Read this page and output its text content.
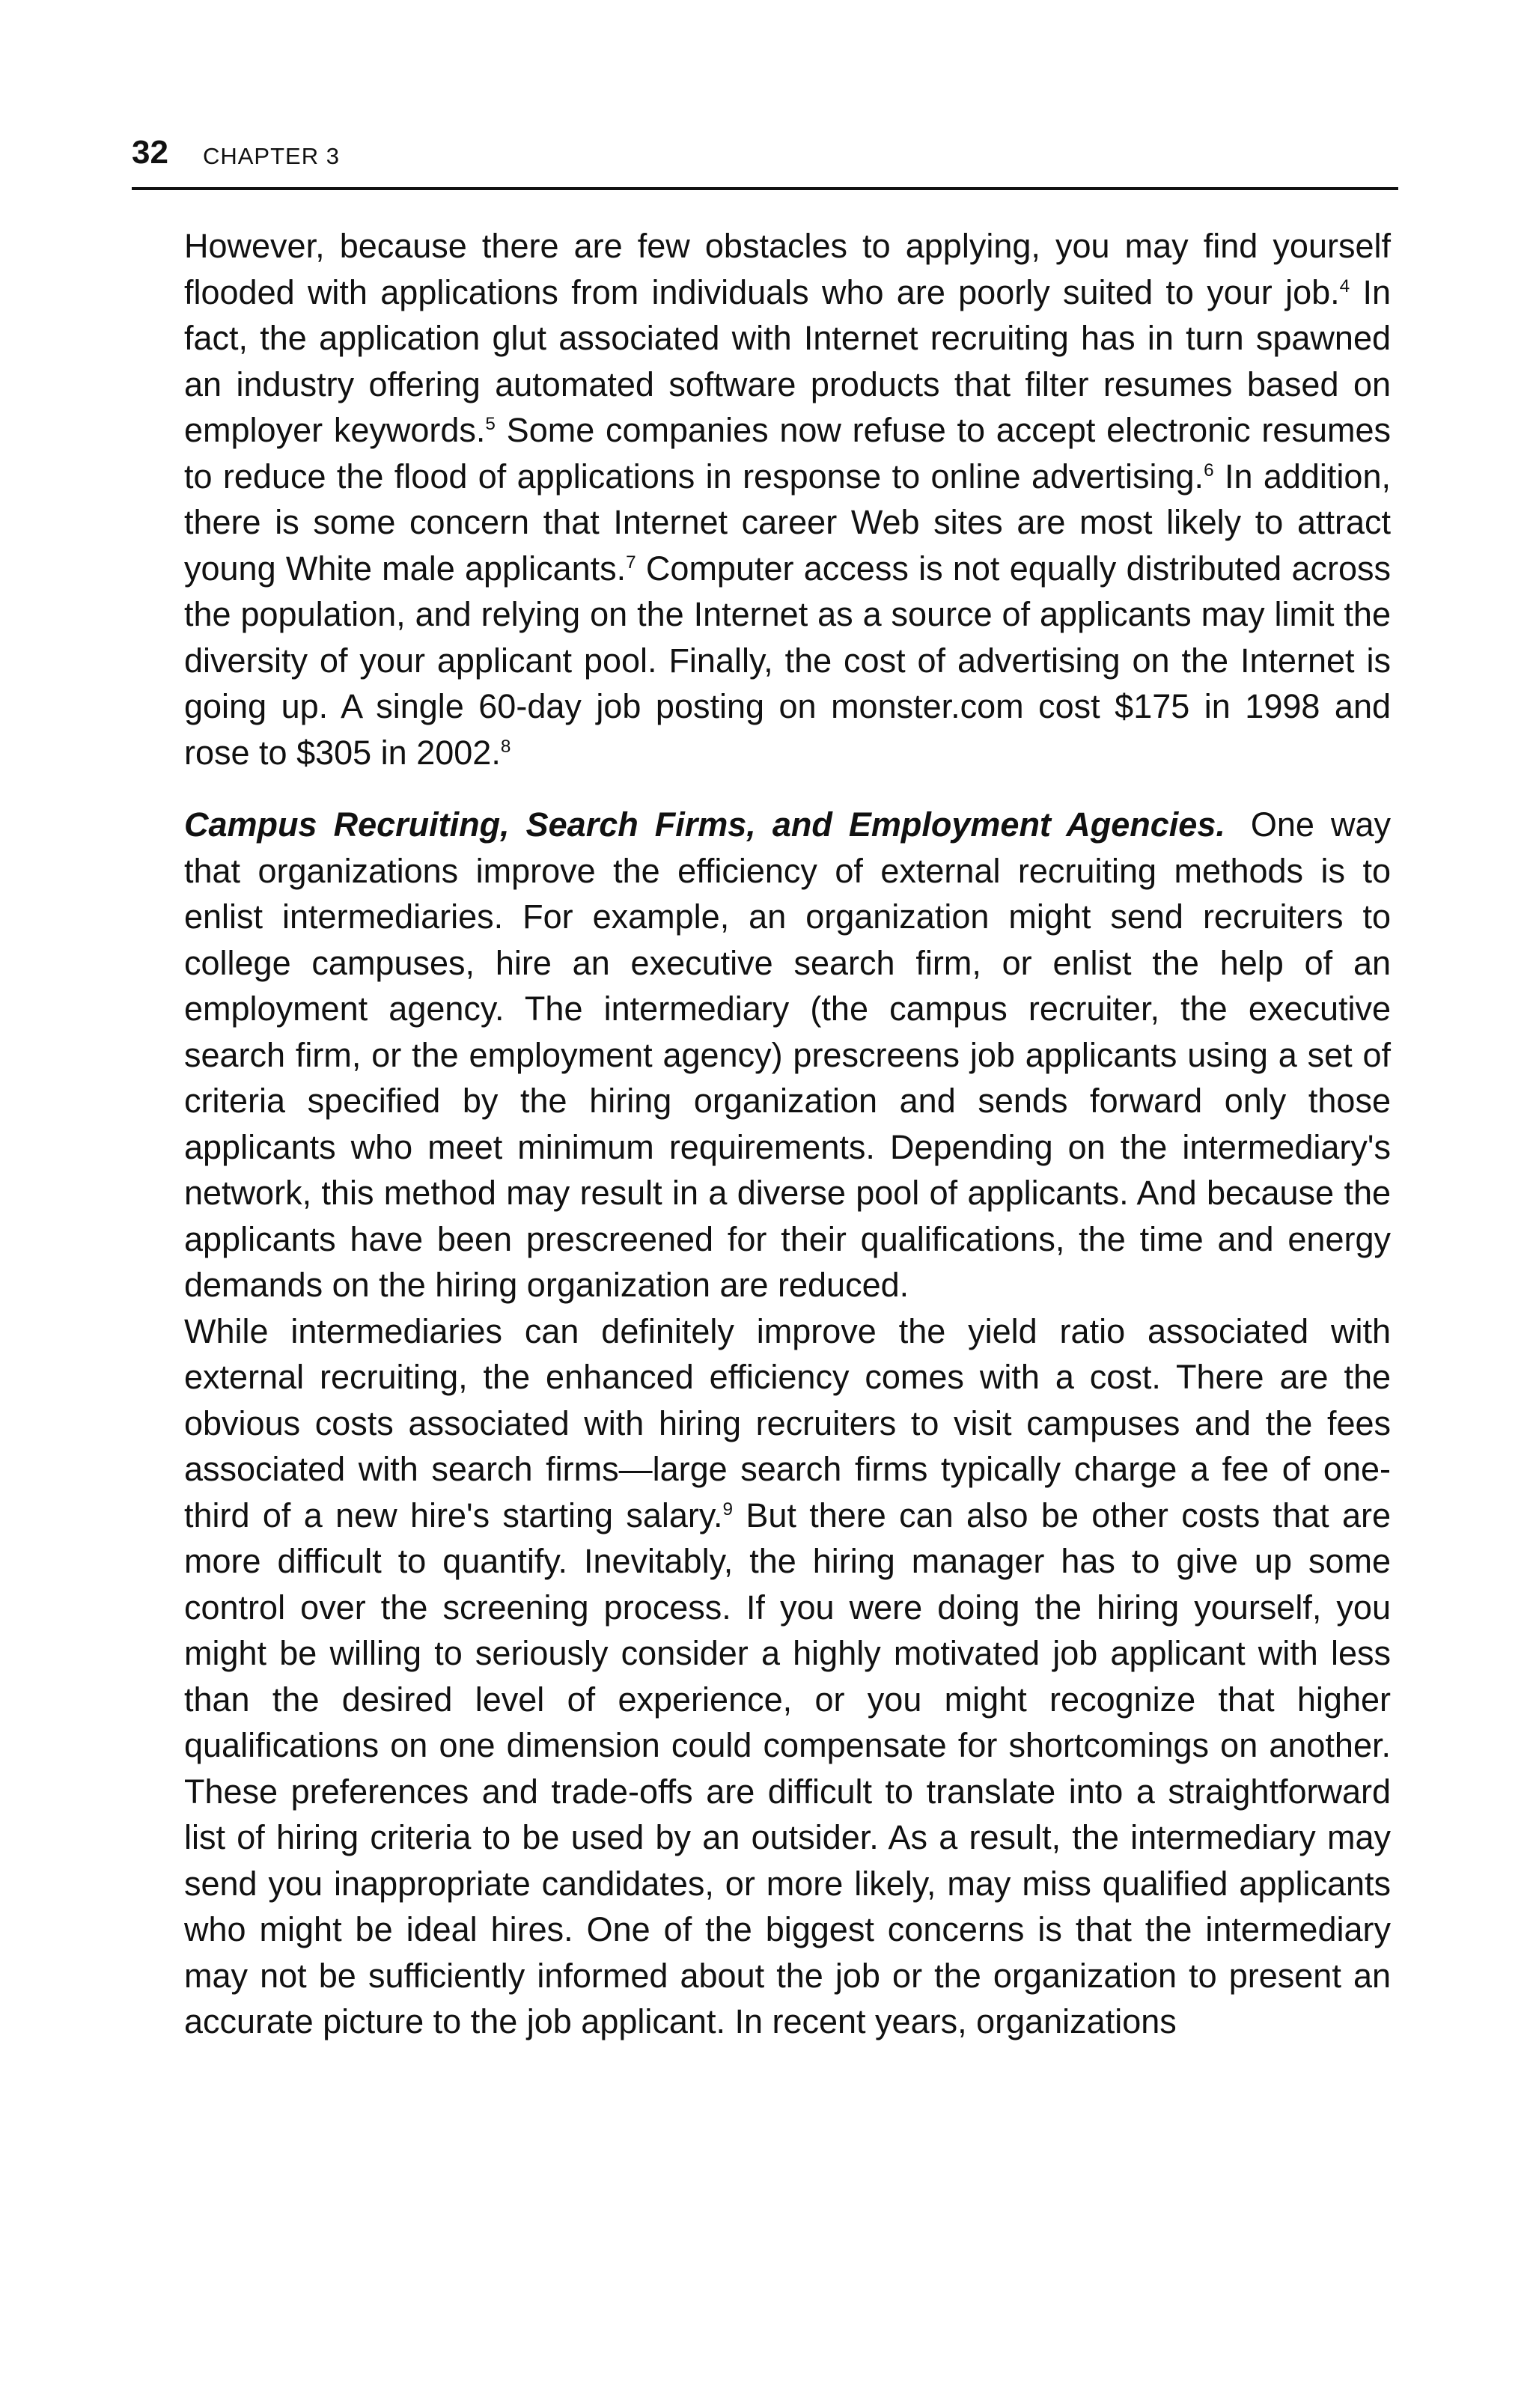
32 CHAPTER 3

However, because there are few obstacles to applying, you may find yourself flooded with applications from individuals who are poorly suited to your job.$^4$ In fact, the application glut associated with Internet recruiting has in turn spawned an industry offering automated software products that filter resumes based on employer keywords.$^5$ Some companies now refuse to accept electronic resumes to reduce the flood of applications in response to online advertising.$^6$ In addition, there is some concern that Internet career Web sites are most likely to attract young White male applicants.$^7$ Computer access is not equally distributed across the population, and relying on the Internet as a source of applicants may limit the diversity of your applicant pool. Finally, the cost of advertising on the Internet is going up. A single 60-day job posting on monster.com cost $175 in 1998 and rose to $305 in 2002.$^8$

Campus Recruiting, Search Firms, and Employment Agencies. One way that organizations improve the efficiency of external recruiting methods is to enlist intermediaries. For example, an organization might send recruiters to college campuses, hire an executive search firm, or enlist the help of an employment agency. The intermediary (the campus recruiter, the executive search firm, or the employment agency) prescreens job applicants using a set of criteria specified by the hiring organization and sends forward only those applicants who meet minimum requirements. Depending on the intermediary's network, this method may result in a diverse pool of applicants. And because the applicants have been prescreened for their qualifications, the time and energy demands on the hiring organization are reduced.

While intermediaries can definitely improve the yield ratio associated with external recruiting, the enhanced efficiency comes with a cost. There are the obvious costs associated with hiring recruiters to visit campuses and the fees associated with search firms—large search firms typically charge a fee of one-third of a new hire's starting salary.$^9$ But there can also be other costs that are more difficult to quantify. Inevitably, the hiring manager has to give up some control over the screening process. If you were doing the hiring yourself, you might be willing to seriously consider a highly motivated job applicant with less than the desired level of experience, or you might recognize that higher qualifications on one dimension could compensate for shortcomings on another. These preferences and trade-offs are difficult to translate into a straightforward list of hiring criteria to be used by an outsider. As a result, the intermediary may send you inappropriate candidates, or more likely, may miss qualified applicants who might be ideal hires. One of the biggest concerns is that the intermediary may not be sufficiently informed about the job or the organization to present an accurate picture to the job applicant. In recent years, organizations
